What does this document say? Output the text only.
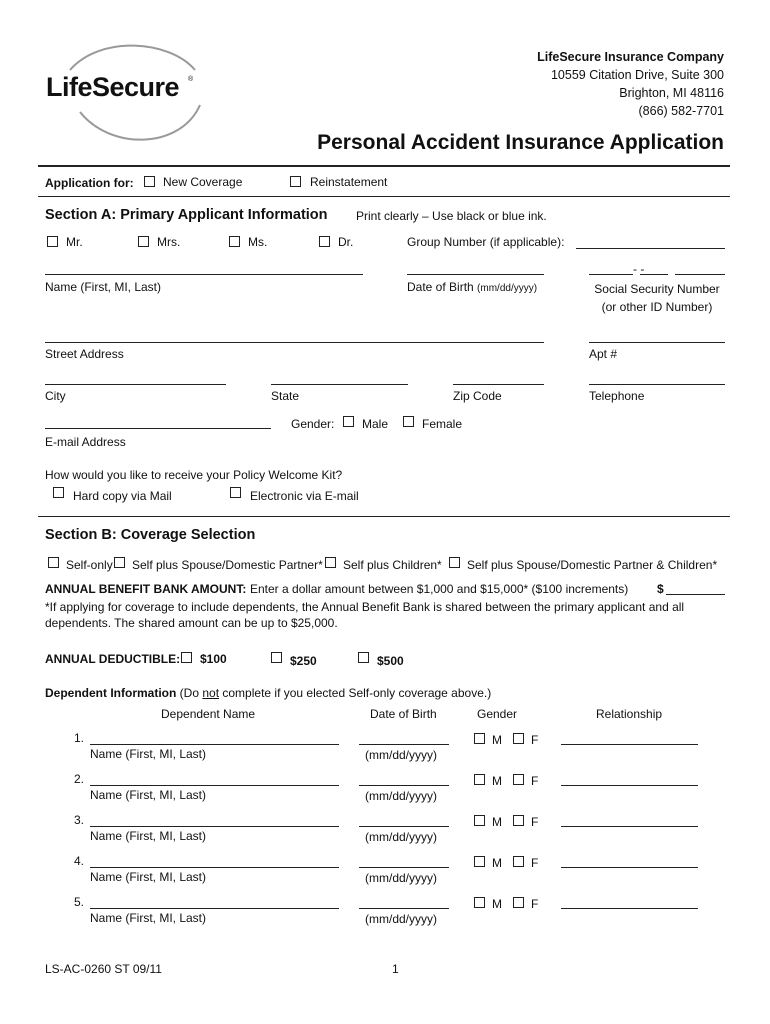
LifeSecure ®
LifeSecure Insurance Company
10559 Citation Drive, Suite 300
Brighton, MI 48116
(866) 582-7701
Personal Accident Insurance Application
Application for: New Coverage	Reinstatement
Section A: Primary Applicant Information Print clearly – Use black or blue ink.
Mr.	Mrs.	Ms.	Dr.	Group Number (if applicable):
- -
Name (First, MI, Last)	Date of Birth (mm/dd/yyyy)	Social Security Number
(or other ID Number)
Street Address	Apt #
City	State	Zip Code	Telephone
Gender: Male	Female
E-mail Address
How would you like to receive your Policy Welcome Kit?
Hard copy via Mail	Electronic via E-mail
Section B: Coverage Selection
Self-only Self plus Spouse/Domestic Partner* Self plus Children* Self plus Spouse/Domestic Partner & Children*
ANNUAL BENEFIT BANK AMOUNT: Enter a dollar amount between $1,000 and $15,000* ($100 increments) $
*If applying for coverage to include dependents, the Annual Benefit Bank is shared between the primary applicant and all
dependents. The shared amount can be up to $25,000.
ANNUAL DEDUCTIBLE: $100	$250	$500
Dependent Information (Do not complete if you elected Self-only coverage above.)
Dependent Name	Date of Birth	Gender	Relationship
1.	M F
Name (First, MI, Last)	(mm/dd/yyyy)
2.	M F
Name (First, MI, Last)	(mm/dd/yyyy)
3.	M F
Name (First, MI, Last)	(mm/dd/yyyy)
4.	M F
Name (First, MI, Last)	(mm/dd/yyyy)
5.	M F
Name (First, MI, Last)	(mm/dd/yyyy)
LS-AC-0260 ST 09/11	1
